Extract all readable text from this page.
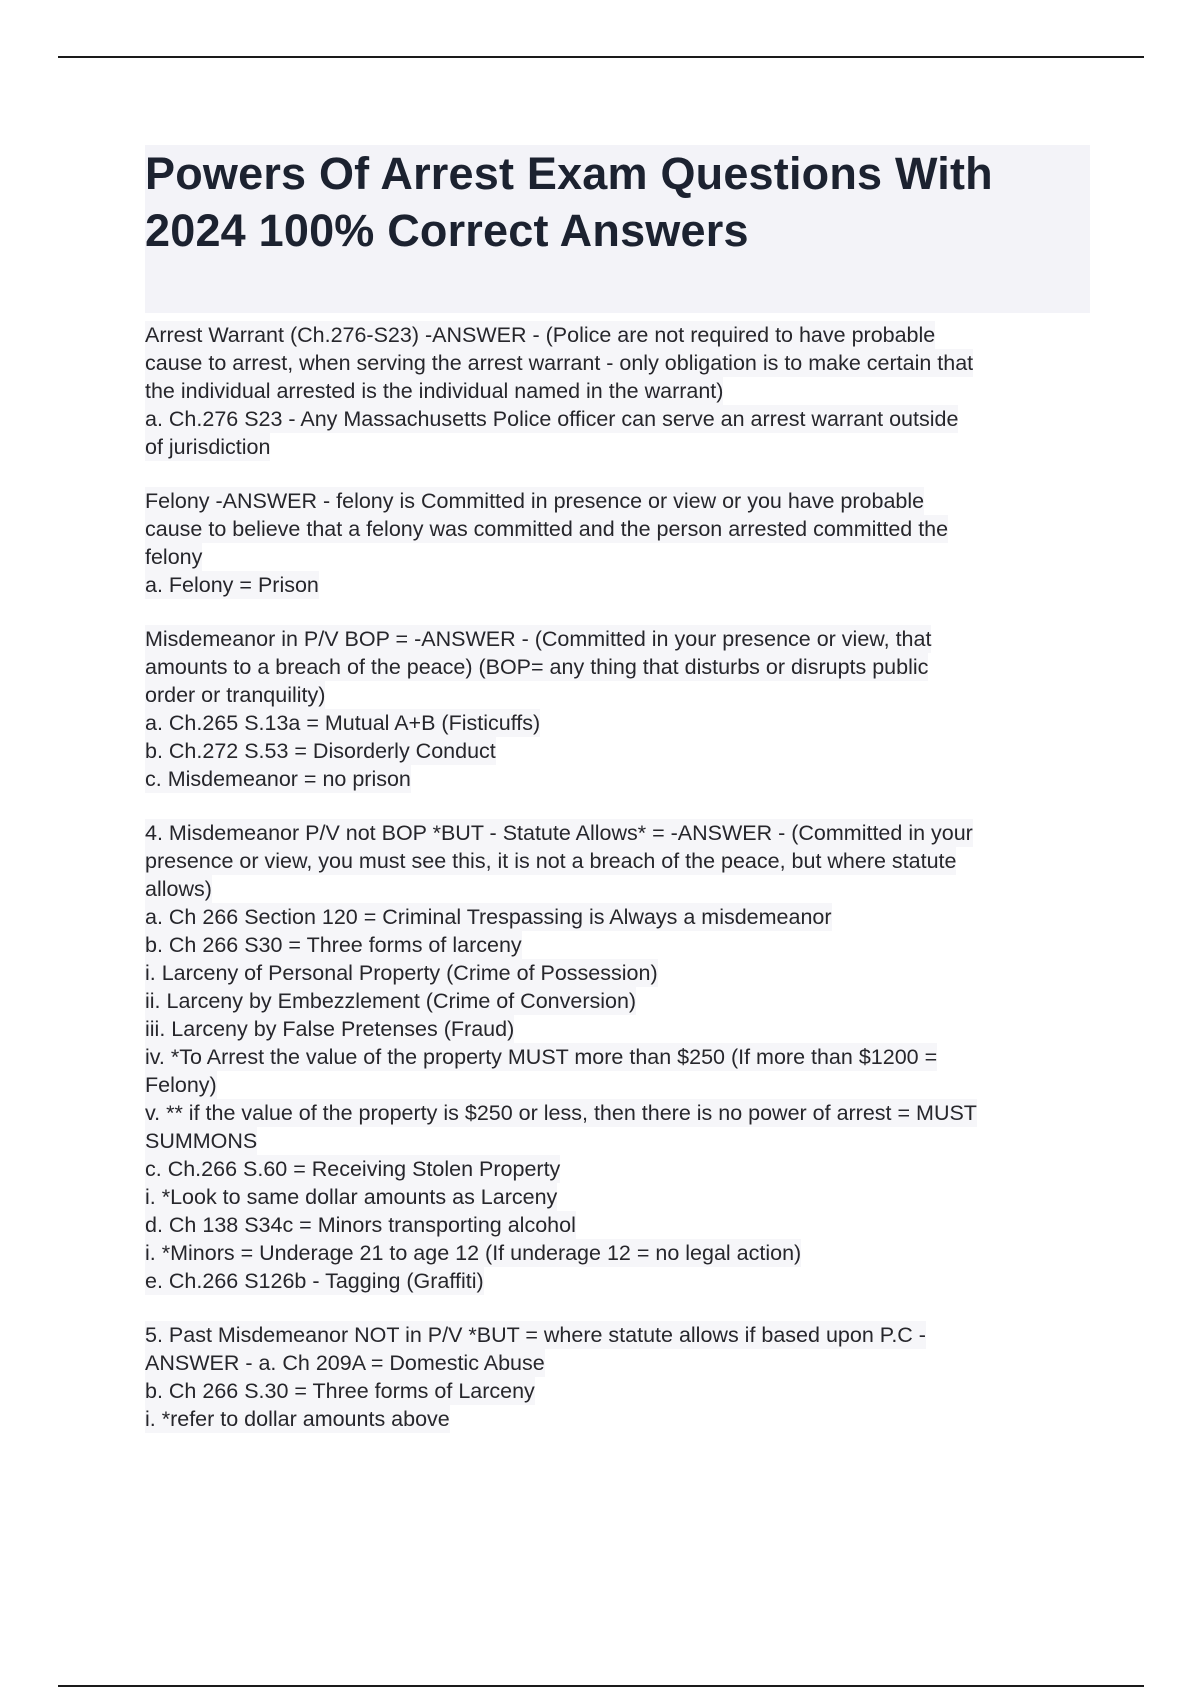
Powers Of Arrest Exam Questions With
2024 100% Correct Answers

Arrest Warrant (Ch.276-S23) -ANSWER - (Police are not required to have probable
cause to arrest, when serving the arrest warrant - only obligation is to make certain that
the individual arrested is the individual named in the warrant)
a. Ch.276 S23 - Any Massachusetts Police officer can serve an arrest warrant outside
of jurisdiction

Felony -ANSWER - felony is Committed in presence or view or you have probable
cause to believe that a felony was committed and the person arrested committed the
felony
a. Felony = Prison

Misdemeanor in P/V BOP = -ANSWER - (Committed in your presence or view, that
amounts to a breach of the peace) (BOP= any thing that disturbs or disrupts public
order or tranquility)
a. Ch.265 S.13a = Mutual A+B (Fisticuffs)
b. Ch.272 S.53 = Disorderly Conduct
c. Misdemeanor = no prison

4. Misdemeanor P/V not BOP *BUT - Statute Allows* = -ANSWER - (Committed in your
presence or view, you must see this, it is not a breach of the peace, but where statute
allows)
a. Ch 266 Section 120 = Criminal Trespassing is Always a misdemeanor
b. Ch 266 S30 = Three forms of larceny
i. Larceny of Personal Property (Crime of Possession)
ii. Larceny by Embezzlement (Crime of Conversion)
iii. Larceny by False Pretenses (Fraud)
iv. *To Arrest the value of the property MUST more than $250 (If more than $1200 =
Felony)
v. ** if the value of the property is $250 or less, then there is no power of arrest = MUST
SUMMONS
c. Ch.266 S.60 = Receiving Stolen Property
i. *Look to same dollar amounts as Larceny
d. Ch 138 S34c = Minors transporting alcohol
i. *Minors = Underage 21 to age 12 (If underage 12 = no legal action)
e. Ch.266 S126b - Tagging (Graffiti)

5. Past Misdemeanor NOT in P/V *BUT = where statute allows if based upon P.C -
ANSWER - a. Ch 209A = Domestic Abuse
b. Ch 266 S.30 = Three forms of Larceny
i. *refer to dollar amounts above
